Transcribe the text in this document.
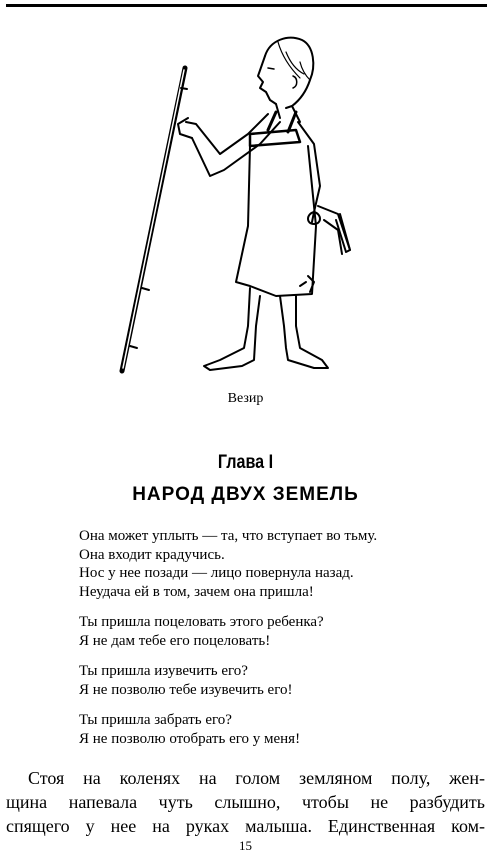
Везир
Глава I
НАРОД ДВУХ ЗЕМЕЛЬ
Она может уплыть — та, что вступает во тьму.
Она входит крадучись.
Нос у нее позади — лицо повернула назад.
Неудача ей в том, зачем она пришла!
Ты пришла поцеловать этого ребенка?
Я не дам тебе его поцеловать!
Ты пришла изувечить его?
Я не позволю тебе изувечить его!
Ты пришла забрать его?
Я не позволю отобрать его у меня!
Стоя на коленях на голом земляном полу, жен-
щина напевала чуть слышно, чтобы не разбудить
спящего у нее на руках малыша. Единственная ком-
15
